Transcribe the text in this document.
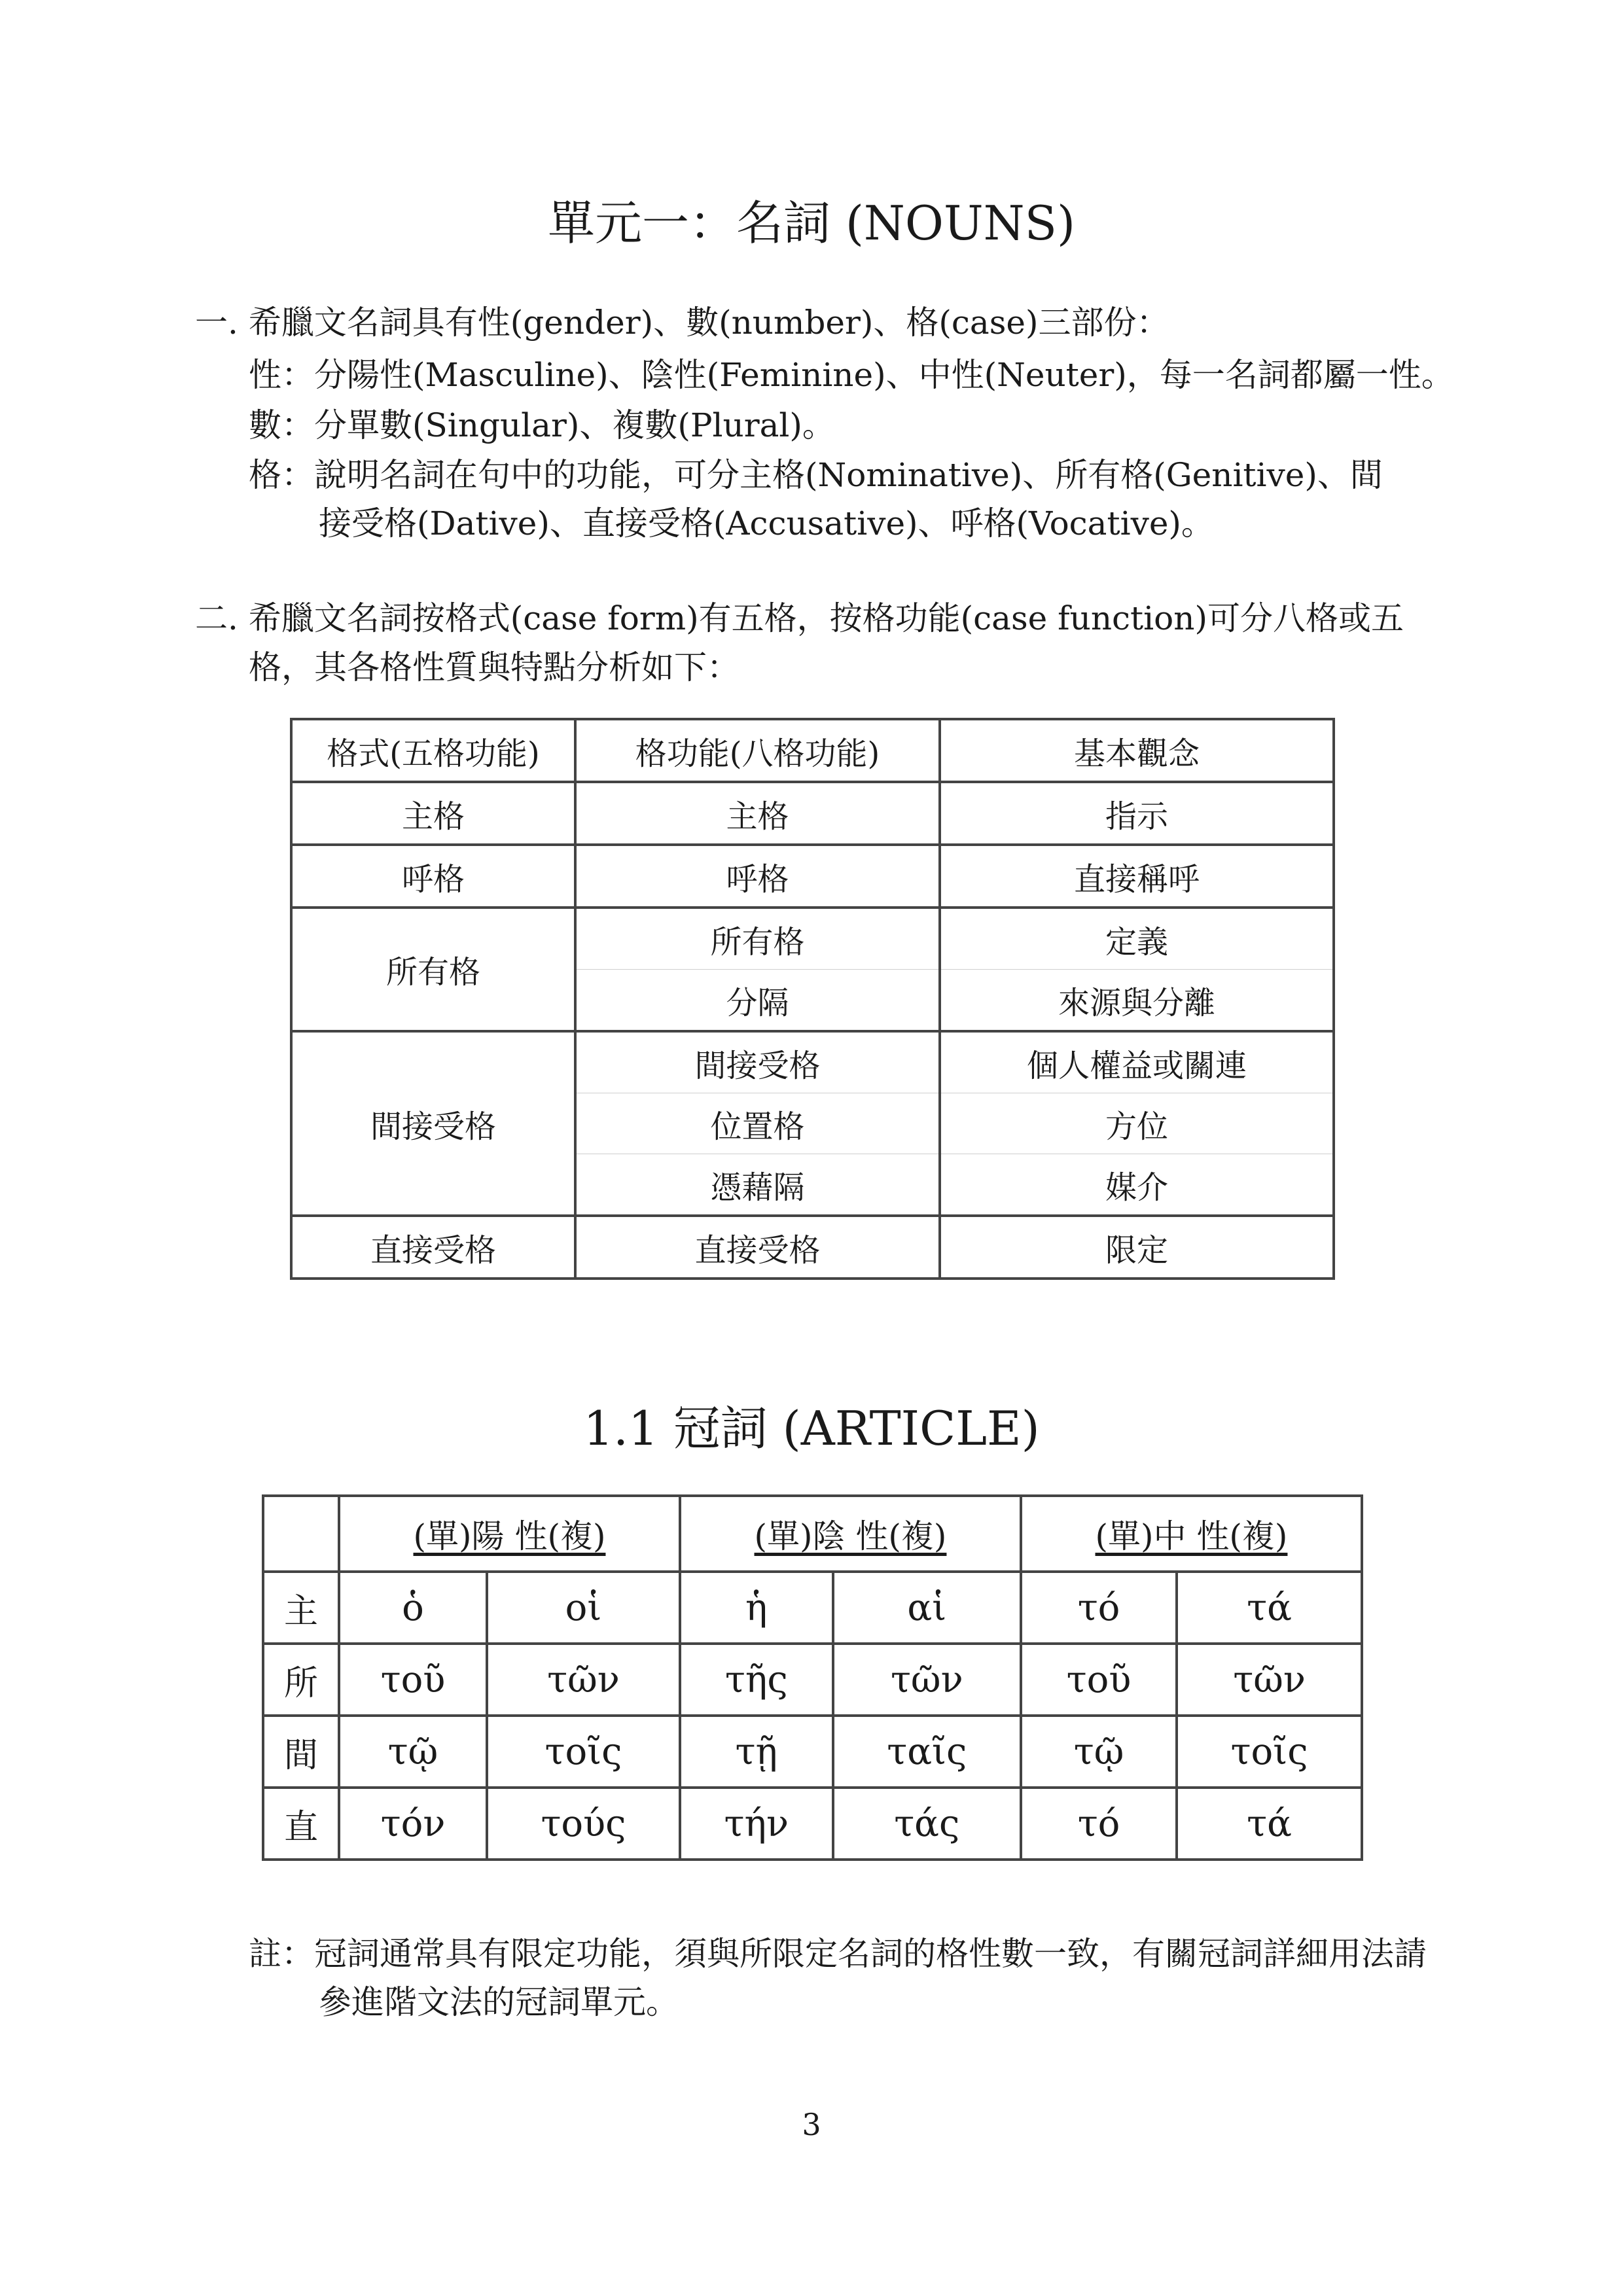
單元一：名詞 (NOUNS)
一. 希臘文名詞具有性(gender)、數(number)、格(case)三部份：
性：分陽性(Masculine)、陰性(Feminine)、中性(Neuter)，每一名詞都屬一性。
數：分單數(Singular)、複數(Plural)。
格：說明名詞在句中的功能，可分主格(Nominative)、所有格(Genitive)、間
接受格(Dative)、直接受格(Accusative)、呼格(Vocative)。
二. 希臘文名詞按格式(case form)有五格，按格功能(case function)可分八格或五
格，其各格性質與特點分析如下：
格式(五格功能)	格功能(八格功能)	基本觀念
主格	主格	指示
呼格	呼格	直接稱呼
所有格	所有格	定義
	分隔	來源與分離
間接受格	間接受格	個人權益或關連
	位置格	方位
	憑藉隔	媒介
直接受格	直接受格	限定
1.1 冠詞 (ARTICLE)
	(單)陽 性(複)		(單)陰 性(複)		(單)中 性(複)	
主	ὁ	οἱ	ἡ	αἱ	τό	τά
所	τοῦ	τῶν	τῆς	τῶν	τοῦ	τῶν
間	τῷ	τοῖς	τῇ	ταῖς	τῷ	τοῖς
直	τόν	τούς	τήν	τάς	τό	τά
註：冠詞通常具有限定功能，須與所限定名詞的格性數一致，有關冠詞詳細用法請
參進階文法的冠詞單元。
3
